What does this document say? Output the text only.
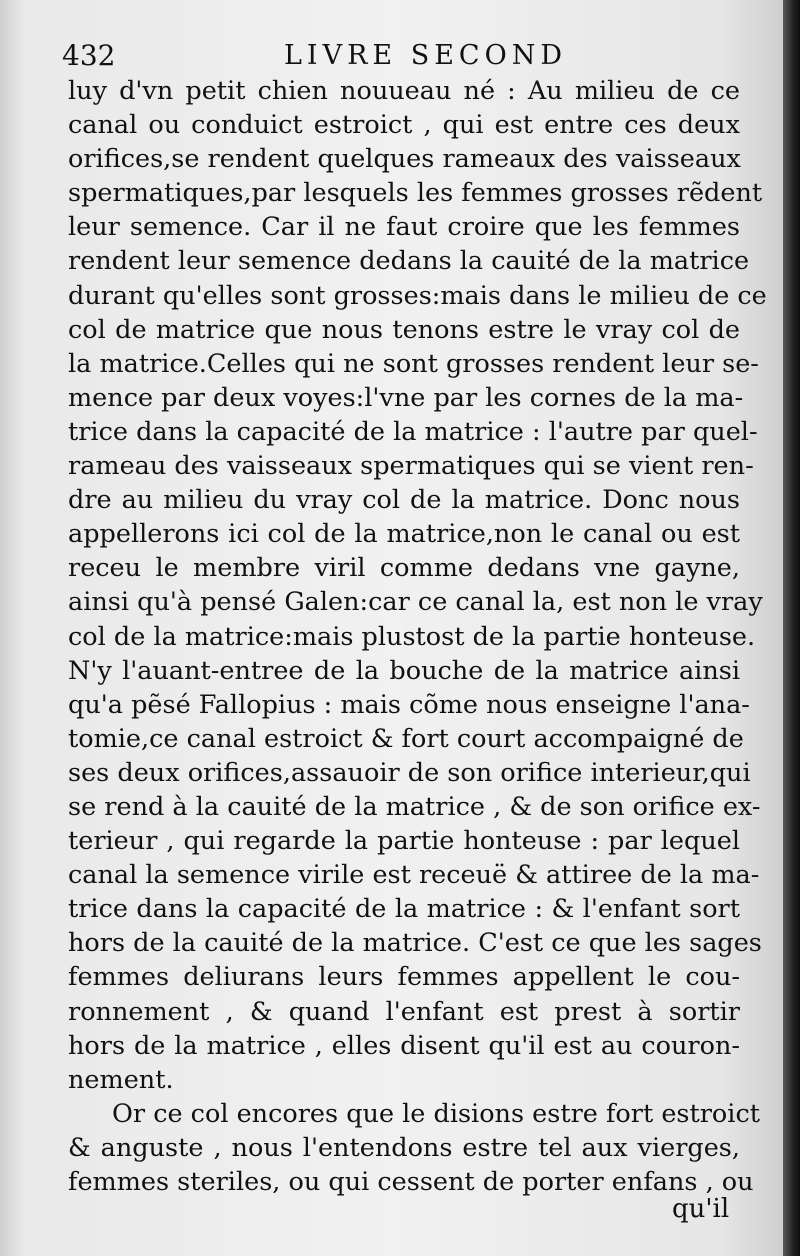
432	LIVRE SECOND
luy d'vn petit chien nouueau né : Au milieu de ce
canal ou conduict estroict , qui est entre ces deux
orifices,se rendent quelques rameaux des vaisseaux
spermatiques,par lesquels les femmes grosses rẽdent
leur semence. Car il ne faut croire que les femmes
rendent leur semence dedans la cauité de la matrice
durant qu'elles sont grosses:mais dans le milieu de ce
col de matrice que nous tenons estre le vray col de
la matrice.Celles qui ne sont grosses rendent leur se-
mence par deux voyes:l'vne par les cornes de la ma-
trice dans la capacité de la matrice : l'autre par quel-
rameau des vaisseaux spermatiques qui se vient ren-
dre au milieu du vray col de la matrice. Donc nous
appellerons ici col de la matrice,non le canal ou est
receu le membre viril comme dedans vne gayne,
ainsi qu'à pensé Galen:car ce canal la, est non le vray
col de la matrice:mais plustost de la partie honteuse.
N'y l'auant-entree de la bouche de la matrice ainsi
qu'a pẽsé Fallopius : mais cõme nous enseigne l'ana-
tomie,ce canal estroict & fort court accompaigné de
ses deux orifices,assauoir de son orifice interieur,qui
se rend à la cauité de la matrice , & de son orifice ex-
terieur , qui regarde la partie honteuse : par lequel
canal la semence virile est receuë & attiree de la ma-
trice dans la capacité de la matrice : & l'enfant sort
hors de la cauité de la matrice. C'est ce que les sages
femmes deliurans leurs femmes appellent le cou-
ronnement , & quand l'enfant est prest à sortir
hors de la matrice , elles disent qu'il est au couron-
nement.
Or ce col encores que le disions estre fort estroict
& anguste , nous l'entendons estre tel aux vierges,
femmes steriles, ou qui cessent de porter enfans , ou
qu'il
